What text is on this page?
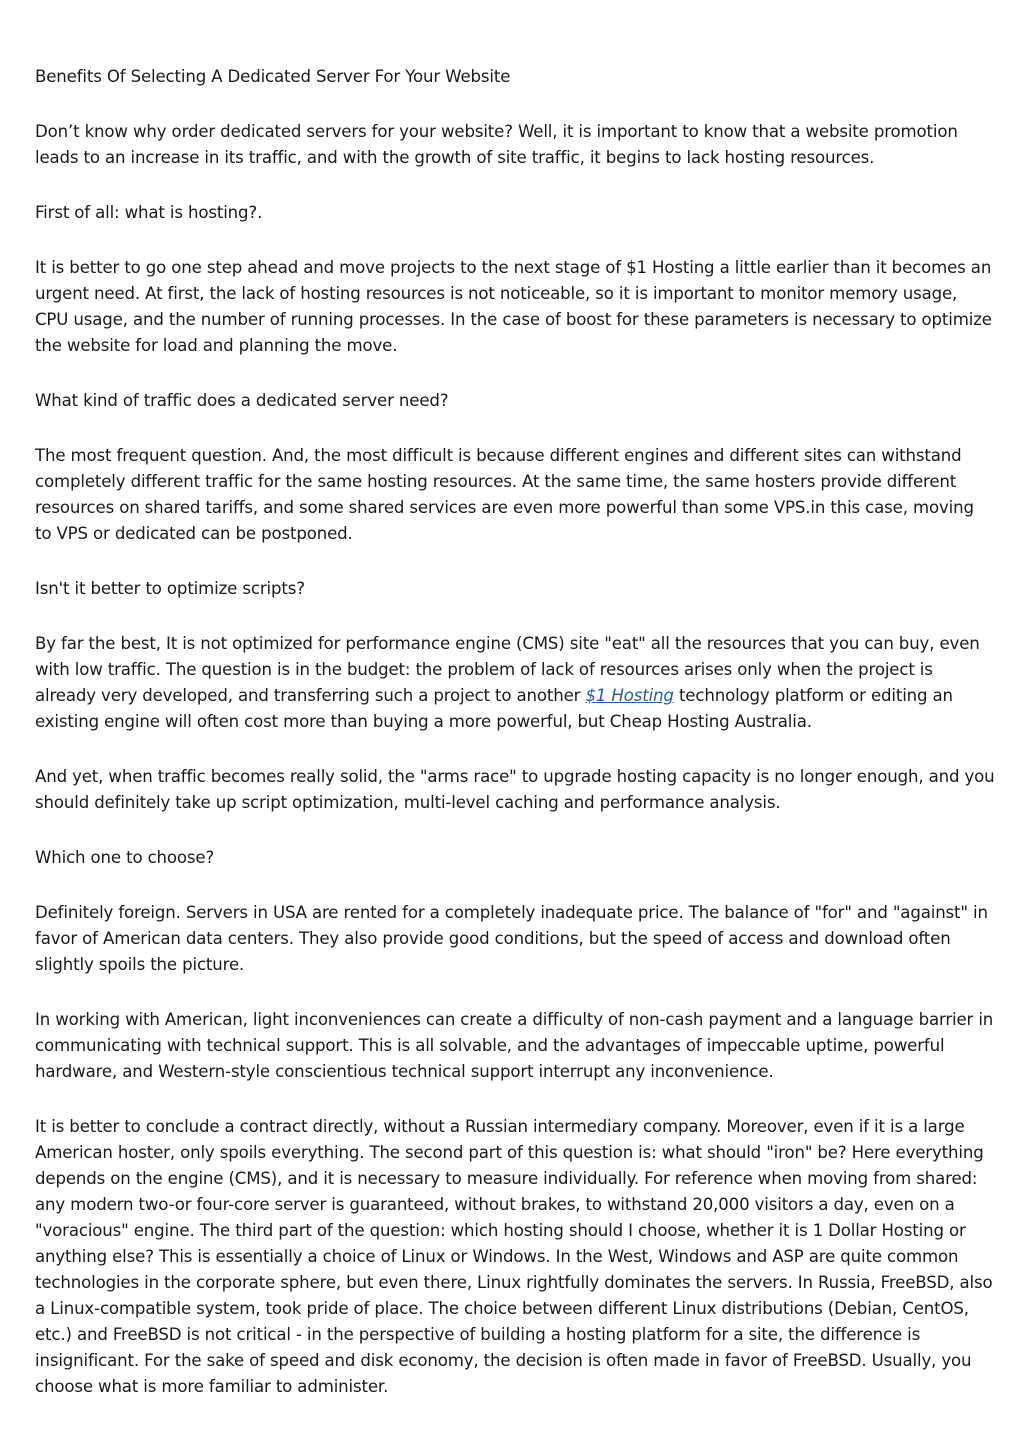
Benefits Of Selecting A Dedicated Server For Your Website

Don’t know why order dedicated servers for your website? Well, it is important to know that a website promotion leads to an increase in its traffic, and with the growth of site traffic, it begins to lack hosting resources.

First of all: what is hosting?.

It is better to go one step ahead and move projects to the next stage of $1 Hosting a little earlier than it becomes an urgent need. At first, the lack of hosting resources is not noticeable, so it is important to monitor memory usage, CPU usage, and the number of running processes. In the case of boost for these parameters is necessary to optimize the website for load and planning the move.

What kind of traffic does a dedicated server need?

The most frequent question. And, the most difficult is because different engines and different sites can withstand completely different traffic for the same hosting resources. At the same time, the same hosters provide different resources on shared tariffs, and some shared services are even more powerful than some VPS.in this case, moving to VPS or dedicated can be postponed.

Isn't it better to optimize scripts?

By far the best, It is not optimized for performance engine (CMS) site "eat" all the resources that you can buy, even with low traffic. The question is in the budget: the problem of lack of resources arises only when the project is already very developed, and transferring such a project to another $1 Hosting technology platform or editing an existing engine will often cost more than buying a more powerful, but Cheap Hosting Australia.

And yet, when traffic becomes really solid, the "arms race" to upgrade hosting capacity is no longer enough, and you should definitely take up script optimization, multi-level caching and performance analysis.

Which one to choose?

Definitely foreign. Servers in USA are rented for a completely inadequate price. The balance of "for" and "against" in favor of American data centers. They also provide good conditions, but the speed of access and download often slightly spoils the picture.

In working with American, light inconveniences can create a difficulty of non-cash payment and a language barrier in communicating with technical support. This is all solvable, and the advantages of impeccable uptime, powerful hardware, and Western-style conscientious technical support interrupt any inconvenience.

It is better to conclude a contract directly, without a Russian intermediary company. Moreover, even if it is a large American hoster, only spoils everything. The second part of this question is: what should "iron" be? Here everything depends on the engine (CMS), and it is necessary to measure individually. For reference when moving from shared: any modern two-or four-core server is guaranteed, without brakes, to withstand 20,000 visitors a day, even on a "voracious" engine. The third part of the question: which hosting should I choose, whether it is 1 Dollar Hosting or anything else? This is essentially a choice of Linux or Windows. In the West, Windows and ASP are quite common technologies in the corporate sphere, but even there, Linux rightfully dominates the servers. In Russia, FreeBSD, also a Linux-compatible system, took pride of place. The choice between different Linux distributions (Debian, CentOS, etc.) and FreeBSD is not critical - in the perspective of building a hosting platform for a site, the difference is insignificant. For the sake of speed and disk economy, the decision is often made in favor of FreeBSD. Usually, you choose what is more familiar to administer.
